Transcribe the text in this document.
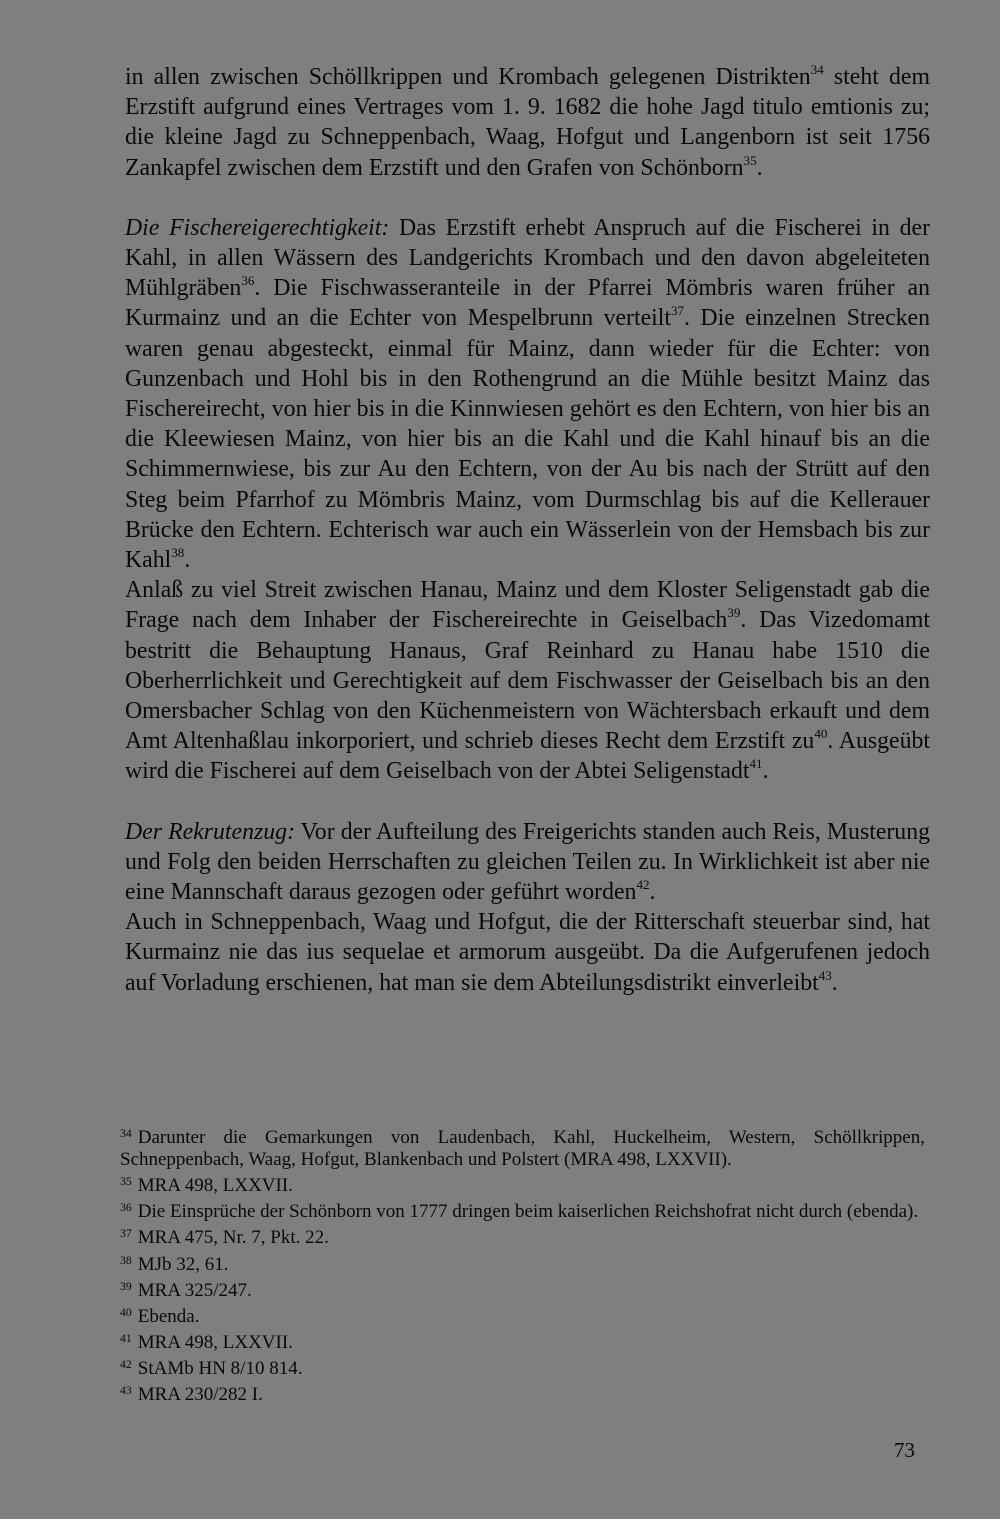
in allen zwischen Schöllkrippen und Krombach gelegenen Distrikten$^{34}$ steht dem Erzstift aufgrund eines Vertrages vom 1. 9. 1682 die hohe Jagd titulo emtionis zu; die kleine Jagd zu Schneppenbach, Waag, Hofgut und Langenborn ist seit 1756 Zankapfel zwischen dem Erzstift und den Grafen von Schönborn$^{35}$.

Die Fischereigerechtigkeit: Das Erzstift erhebt Anspruch auf die Fischerei in der Kahl, in allen Wässern des Landgerichts Krombach und den davon abgeleiteten Mühlgräben$^{36}$. Die Fischwasseranteile in der Pfarrei Mömbris waren früher an Kurmainz und an die Echter von Mespelbrunn verteilt$^{37}$. Die einzelnen Strecken waren genau abgesteckt, einmal für Mainz, dann wieder für die Echter: von Gunzenbach und Hohl bis in den Rothengrund an die Mühle besitzt Mainz das Fischereirecht, von hier bis in die Kinnwiesen gehört es den Echtern, von hier bis an die Kleewiesen Mainz, von hier bis an die Kahl und die Kahl hinauf bis an die Schimmernwiese, bis zur Au den Echtern, von der Au bis nach der Strütt auf den Steg beim Pfarrhof zu Mömbris Mainz, vom Durmschlag bis auf die Kellerauer Brücke den Echtern. Echterisch war auch ein Wässerlein von der Hemsbach bis zur Kahl$^{38}$.

Anlaß zu viel Streit zwischen Hanau, Mainz und dem Kloster Seligenstadt gab die Frage nach dem Inhaber der Fischereirechte in Geiselbach$^{39}$. Das Vizedomamt bestritt die Behauptung Hanaus, Graf Reinhard zu Hanau habe 1510 die Oberherrlichkeit und Gerechtigkeit auf dem Fischwasser der Geiselbach bis an den Omersbacher Schlag von den Küchenmeistern von Wächtersbach erkauft und dem Amt Altenhaßlau inkorporiert, und schrieb dieses Recht dem Erzstift $zu^{40}$. Ausgeübt wird die Fischerei auf dem Geiselbach von der Abtei Seligenstadt$^{41}$.

Der Rekrutenzug: Vor der Aufteilung des Freigerichts standen auch Reis, Musterung und Folg den beiden Herrschaften zu gleichen Teilen zu. In Wirklichkeit ist aber nie eine Mannschaft daraus gezogen oder geführt worden$^{42}$.

Auch in Schneppenbach, Waag und Hofgut, die der Ritterschaft steuerbar sind, hat Kurmainz nie das ius sequelae et armorum ausgeübt. Da die Aufgerufenen jedoch auf Vorladung erschienen, hat man sie dem Abteilungsdistrikt einverleibt$^{43}$.

$^{34}$ Darunter die Gemarkungen von Laudenbach, Kahl, Huckelheim, Western, Schöllkrippen, Schneppenbach, Waag, Hofgut, Blankenbach und Polstert (MRA 498, LXXVII).

$^{35}$ MRA 498, LXXVII.

$^{36}$ Die Einsprüche der Schönborn von 1777 dringen beim kaiserlichen Reichshofrat nicht durch (ebenda).

$^{37}$ MRA 475, Nr. 7, Pkt. 22.

$^{38}$ MJb 32, 61.

$^{39}$ MRA 325/247.

$^{40}$ Ebenda.

$^{41}$ MRA 498, LXXVII.

$^{42}$ StAMb HN 8/10 814.

$^{43}$ MRA 230/282 I.

73
